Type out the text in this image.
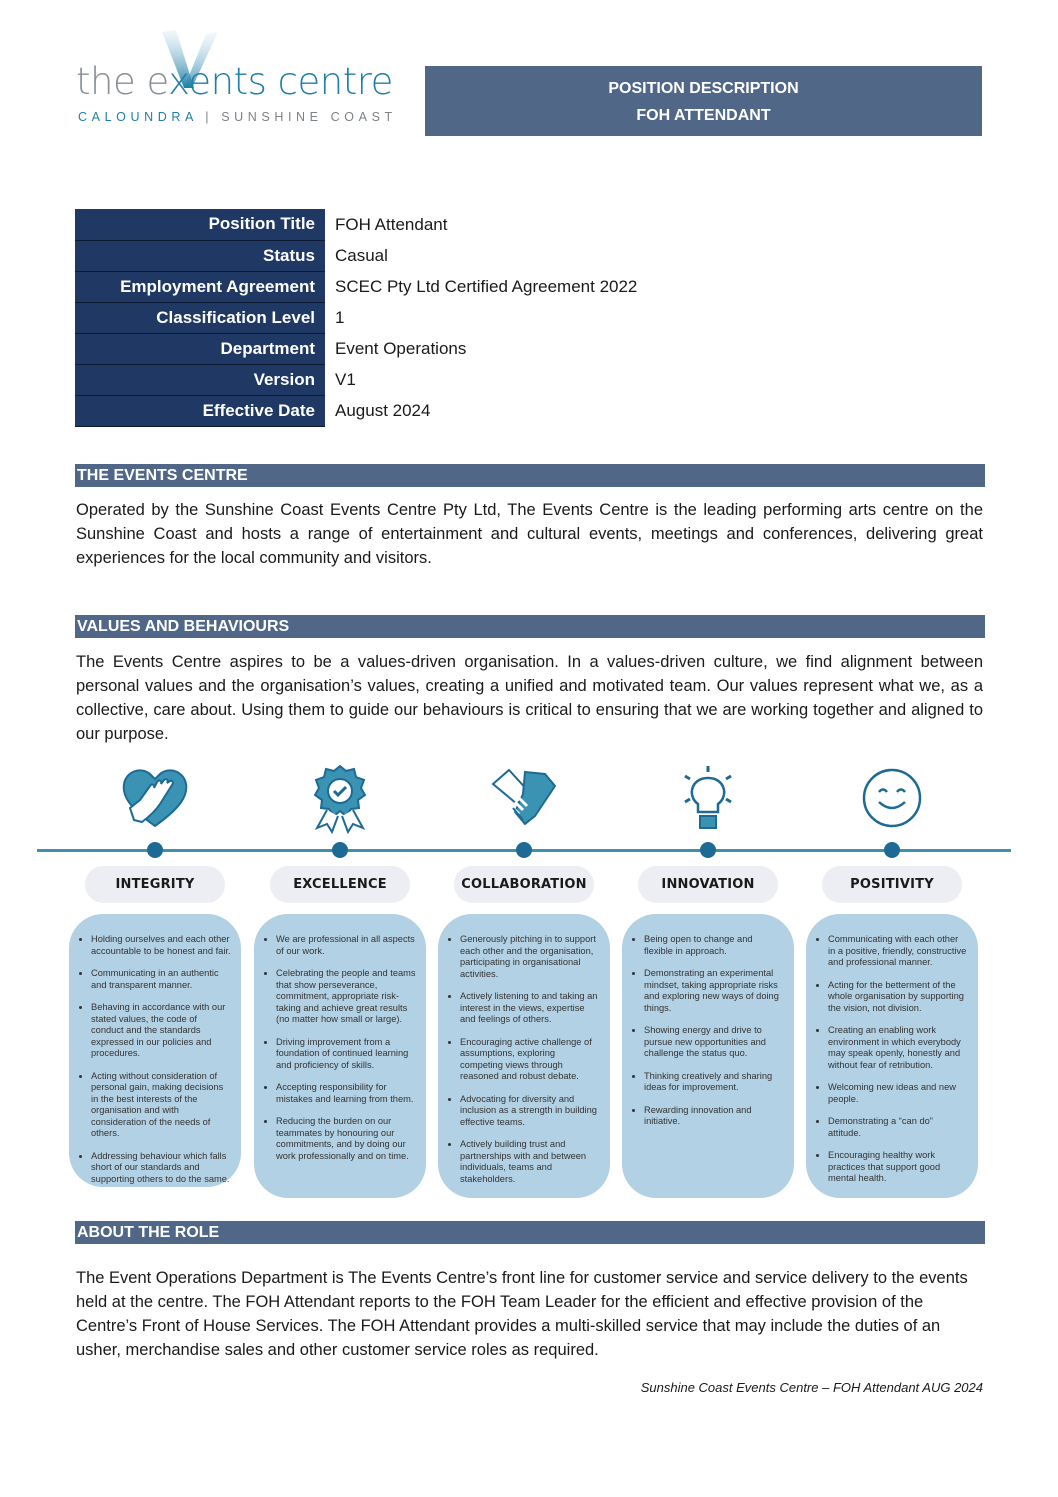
the exents centre
CALOUNDRA | SUNSHINE COAST
POSITION DESCRIPTION
FOH ATTENDANT
Position Title	FOH Attendant
Status	Casual
Employment Agreement	SCEC Pty Ltd Certified Agreement 2022
Classification Level	1
Department	Event Operations
Version	V1
Effective Date	August 2024
THE EVENTS CENTRE
Operated by the Sunshine Coast Events Centre Pty Ltd, The Events Centre is the leading performing arts centre on the Sunshine Coast and hosts a range of entertainment and cultural events, meetings and conferences, delivering great experiences for the local community and visitors.
VALUES AND BEHAVIOURS
The Events Centre aspires to be a values-driven organisation. In a values-driven culture, we find alignment between personal values and the organisation’s values, creating a unified and motivated team. Our values represent what we, as a collective, care about. Using them to guide our behaviours is critical to ensuring that we are working together and aligned to our purpose.
INTEGRITY
• Holding ourselves and each other accountable to be honest and fair.
• Communicating in an authentic and transparent manner.
• Behaving in accordance with our stated values, the code of conduct and the standards expressed in our policies and procedures.
• Acting without consideration of personal gain, making decisions in the best interests of the organisation and with consideration of the needs of others.
• Addressing behaviour which falls short of our standards and supporting others to do the same.
EXCELLENCE
• We are professional in all aspects of our work.
• Celebrating the people and teams that show perseverance, commitment, appropriate risk-taking and achieve great results (no matter how small or large).
• Driving improvement from a foundation of continued learning and proficiency of skills.
• Accepting responsibility for mistakes and learning from them.
• Reducing the burden on our teammates by honouring our commitments, and by doing our work professionally and on time.
COLLABORATION
• Generously pitching in to support each other and the organisation, participating in organisational activities.
• Actively listening to and taking an interest in the views, expertise and feelings of others.
• Encouraging active challenge of assumptions, exploring competing views through reasoned and robust debate.
• Advocating for diversity and inclusion as a strength in building effective teams.
• Actively building trust and partnerships with and between individuals, teams and stakeholders.
INNOVATION
• Being open to change and flexible in approach.
• Demonstrating an experimental mindset, taking appropriate risks and exploring new ways of doing things.
• Showing energy and drive to pursue new opportunities and challenge the status quo.
• Thinking creatively and sharing ideas for improvement.
• Rewarding innovation and initiative.
POSITIVITY
• Communicating with each other in a positive, friendly, constructive and professional manner.
• Acting for the betterment of the whole organisation by supporting the vision, not division.
• Creating an enabling work environment in which everybody may speak openly, honestly and without fear of retribution.
• Welcoming new ideas and new people.
• Demonstrating a “can do” attitude.
• Encouraging healthy work practices that support good mental health.
ABOUT THE ROLE
The Event Operations Department is The Events Centre’s front line for customer service and service delivery to the events held at the centre. The FOH Attendant reports to the FOH Team Leader for the efficient and effective provision of the Centre’s Front of House Services. The FOH Attendant provides a multi-skilled service that may include the duties of an usher, merchandise sales and other customer service roles as required.
Sunshine Coast Events Centre – FOH Attendant AUG 2024
